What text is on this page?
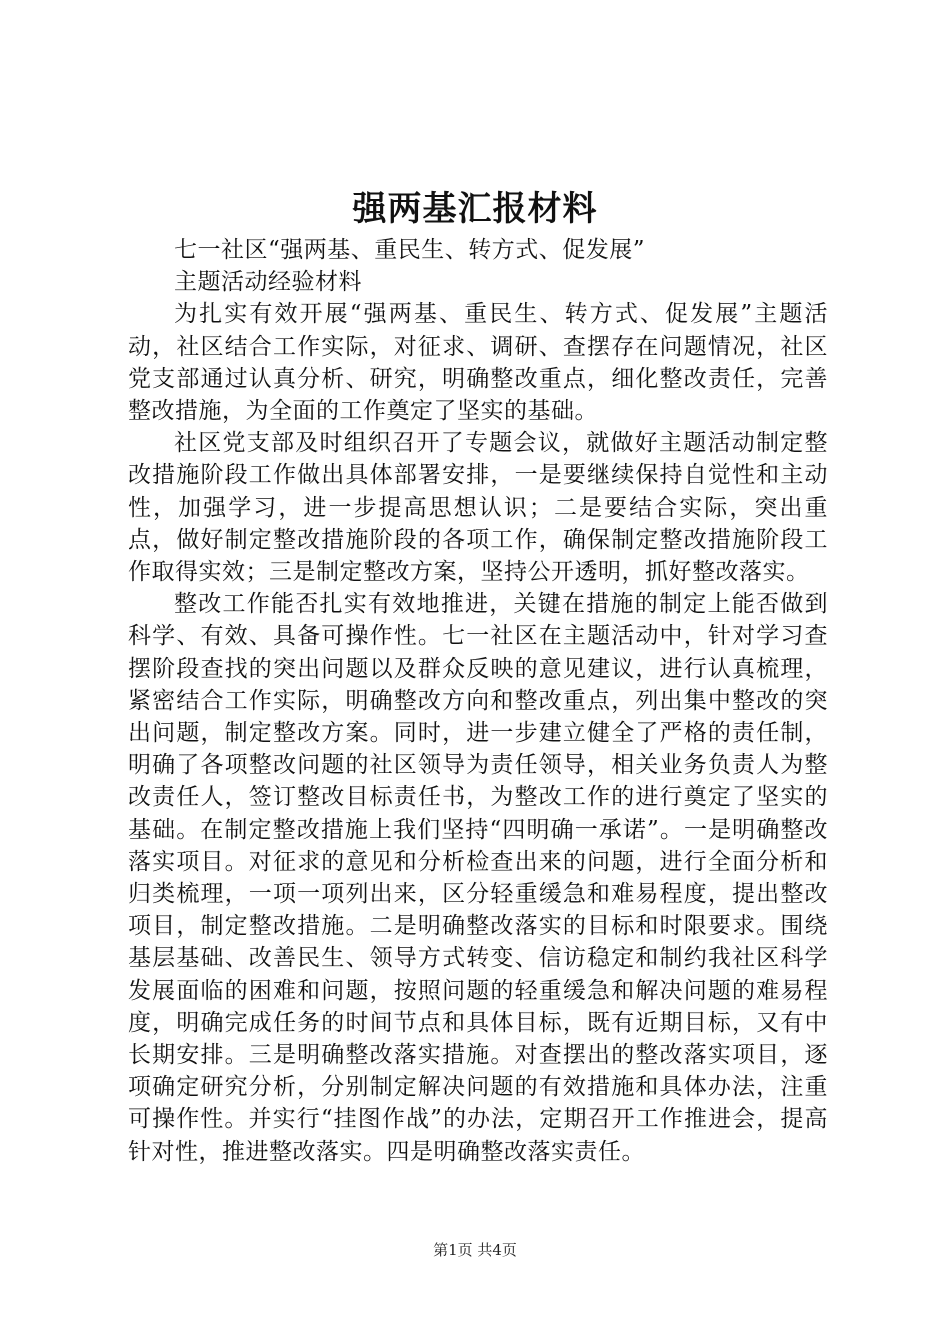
强两基汇报材料

七一社区“强两基、重民生、转方式、促发展”

主题活动经验材料

为扎实有效开展“强两基、重民生、转方式、促发展”主题活动，社区结合工作实际，对征求、调研、查摆存在问题情况，社区党支部通过认真分析、研究，明确整改重点，细化整改责任，完善整改措施，为全面的工作奠定了坚实的基础。

社区党支部及时组织召开了专题会议，就做好主题活动制定整改措施阶段工作做出具体部署安排，一是要继续保持自觉性和主动性，加强学习，进一步提高思想认识；二是要结合实际，突出重点，做好制定整改措施阶段的各项工作，确保制定整改措施阶段工作取得实效；三是制定整改方案，坚持公开透明，抓好整改落实。

整改工作能否扎实有效地推进，关键在措施的制定上能否做到科学、有效、具备可操作性。七一社区在主题活动中，针对学习查摆阶段查找的突出问题以及群众反映的意见建议，进行认真梳理，紧密结合工作实际，明确整改方向和整改重点，列出集中整改的突出问题，制定整改方案。同时，进一步建立健全了严格的责任制，明确了各项整改问题的社区领导为责任领导，相关业务负责人为整改责任人，签订整改目标责任书，为整改工作的进行奠定了坚实的基础。在制定整改措施上我们坚持“四明确一承诺”。一是明确整改落实项目。对征求的意见和分析检查出来的问题，进行全面分析和归类梳理，一项一项列出来，区分轻重缓急和难易程度，提出整改项目，制定整改措施。二是明确整改落实的目标和时限要求。围绕基层基础、改善民生、领导方式转变、信访稳定和制约我社区科学发展面临的困难和问题，按照问题的轻重缓急和解决问题的难易程度，明确完成任务的时间节点和具体目标，既有近期目标，又有中长期安排。三是明确整改落实措施。对查摆出的整改落实项目，逐项确定研究分析，分别制定解决问题的有效措施和具体办法，注重可操作性。并实行“挂图作战”的办法，定期召开工作推进会，提高针对性，推进整改落实。四是明确整改落实责任。

第1页 共4页
